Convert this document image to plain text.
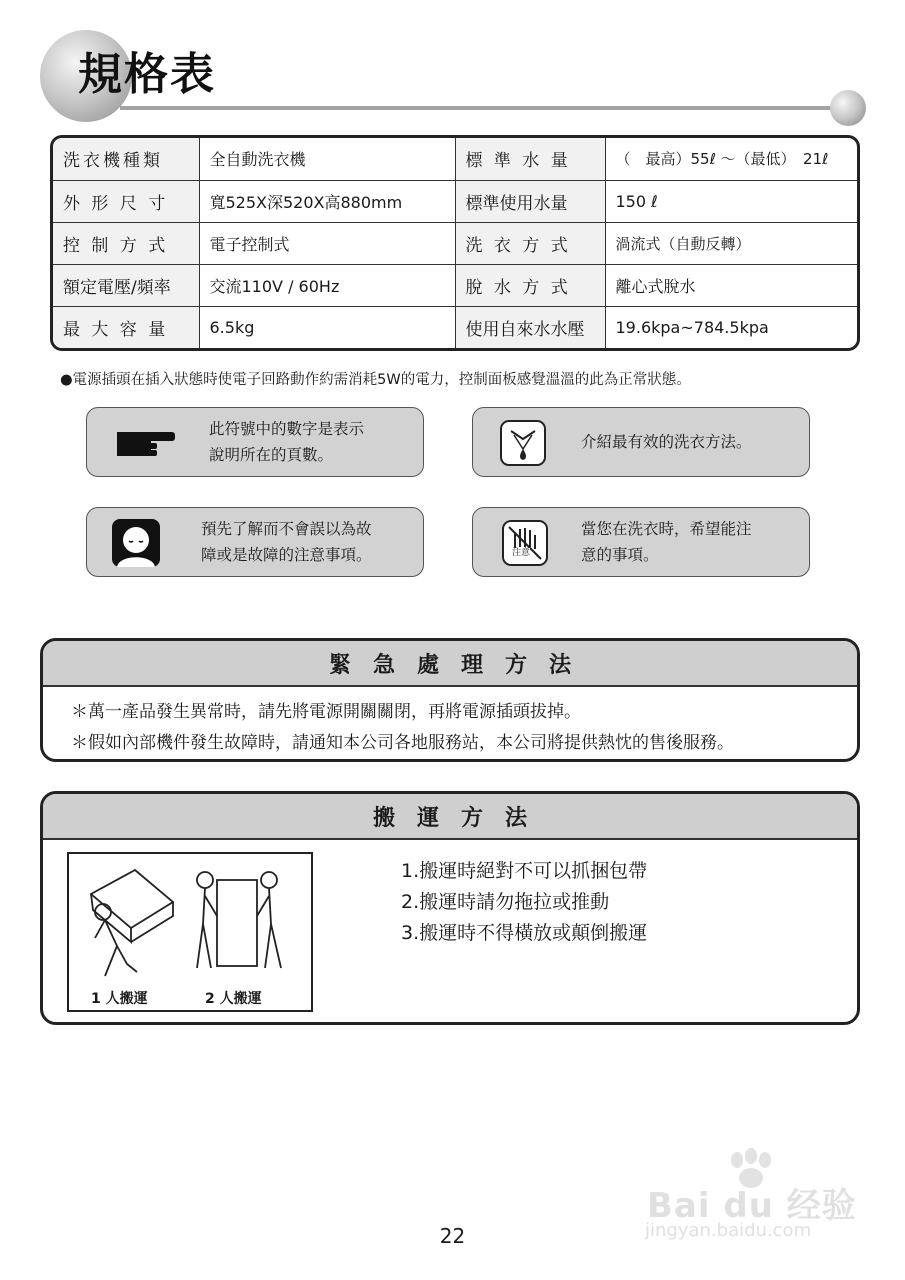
規格表
洗衣機種類	全自動洗衣機	標 準 水 量	（　最高）55ℓ ～（最低）　21ℓ
外 形 尺 寸	寬525X深520X高880mm	標準使用水量	150 ℓ
控 制 方 式	電子控制式	洗 衣 方 式	渦流式（自動反轉）
額定電壓/頻率	交流110V / 60Hz	脫 水 方 式	離心式脫水
最 大 容 量	6.5kg	使用自來水水壓	19.6kpa~784.5kpa
●電源插頭在插入狀態時使電子回路動作約需消耗5W的電力，控制面板感覺溫溫的此為正常狀態。
此符號中的數字是表示
說明所在的頁數。
介紹最有效的洗衣方法。
預先了解而不會誤以為故
障或是故障的注意事項。	注意
當您在洗衣時，希望能注
意的事項。
緊急處理方法
＊萬一產品發生異常時，請先將電源開關關閉，再將電源插頭拔掉。
＊假如內部機件發生故障時，請通知本公司各地服務站，本公司將提供熱忱的售後服務。
搬運方法
1 人搬運	2 人搬運
1.搬運時絕對不可以抓捆包帶
2.搬運時請勿拖拉或推動
3.搬運時不得橫放或顛倒搬運
Bai du 经验
jingyan.baidu.com
22
